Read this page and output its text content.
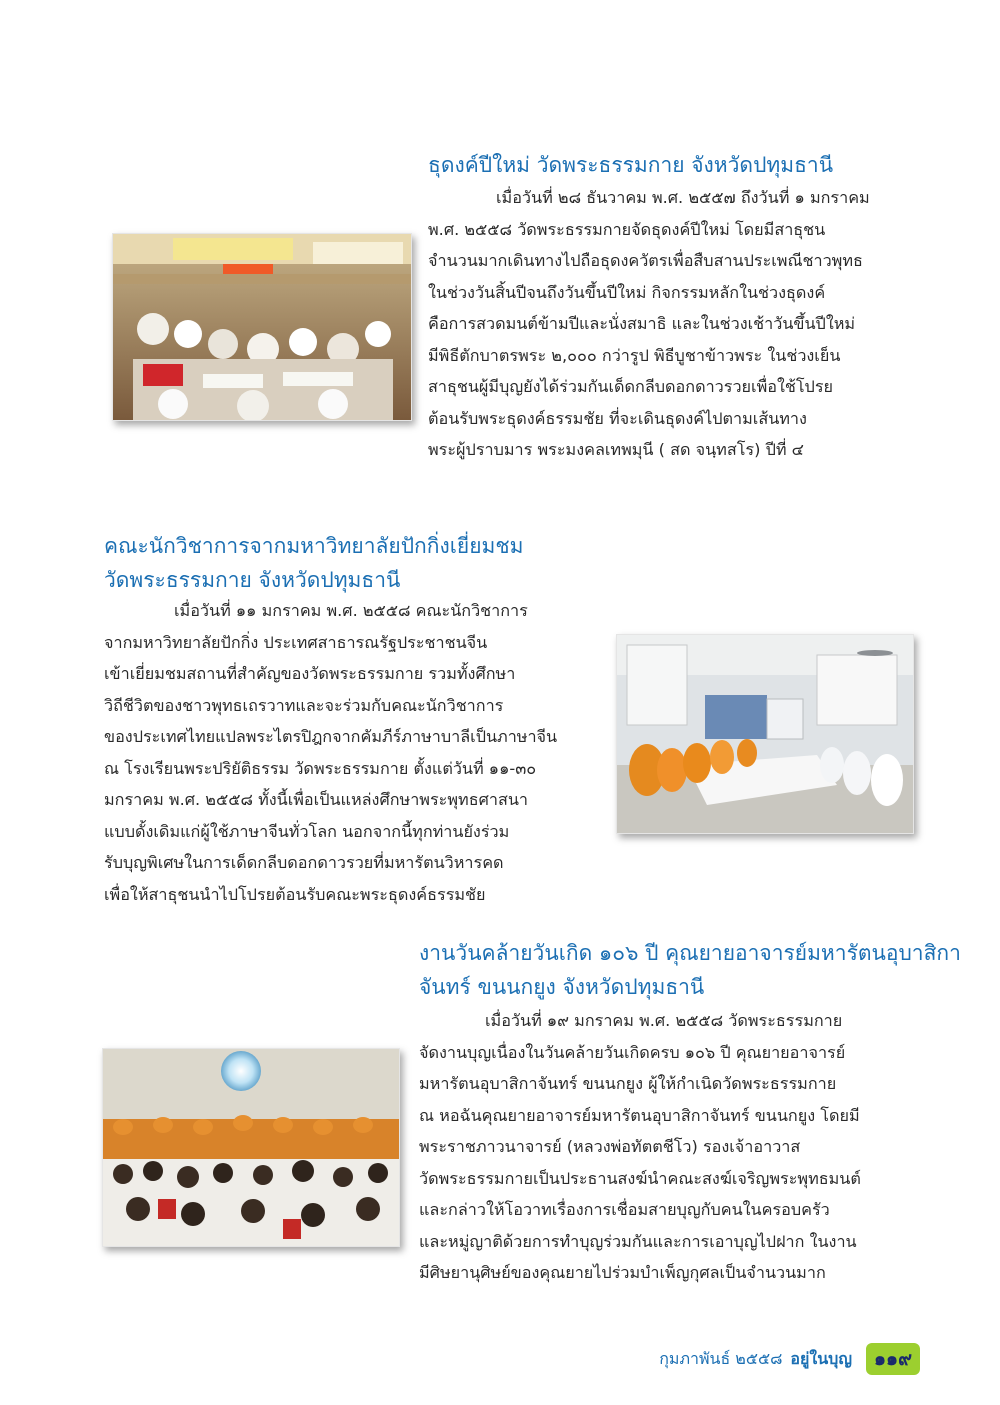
ธุดงค์ปีใหม่ วัดพระธรรมกาย จังหวัดปทุมธานี
เมื่อวันที่ ๒๘ ธันวาคม พ.ศ. ๒๕๕๗ ถึงวันที่ ๑ มกราคม
พ.ศ. ๒๕๕๘ วัดพระธรรมกายจัดธุดงค์ปีใหม่ โดยมีสาธุชน
จำนวนมากเดินทางไปถือธุดงควัตรเพื่อสืบสานประเพณีชาวพุทธ
ในช่วงวันสิ้นปีจนถึงวันขึ้นปีใหม่ กิจกรรมหลักในช่วงธุดงค์
คือการสวดมนต์ข้ามปีและนั่งสมาธิ และในช่วงเช้าวันขึ้นปีใหม่
มีพิธีตักบาตรพระ ๒,๐๐๐ กว่ารูป พิธีบูชาข้าวพระ ในช่วงเย็น
สาธุชนผู้มีบุญยังได้ร่วมกันเด็ดกลีบดอกดาวรวยเพื่อใช้โปรย
ต้อนรับพระธุดงค์ธรรมชัย ที่จะเดินธุดงค์ไปตามเส้นทาง
พระผู้ปราบมาร พระมงคลเทพมุนี ( สด จนฺทสโร) ปีที่ ๔
คณะนักวิชาการจากมหาวิทยาลัยปักกิ่งเยี่ยมชม
วัดพระธรรมกาย จังหวัดปทุมธานี
เมื่อวันที่ ๑๑ มกราคม พ.ศ. ๒๕๕๘ คณะนักวิชาการ
จากมหาวิทยาลัยปักกิ่ง ประเทศสาธารณรัฐประชาชนจีน
เข้าเยี่ยมชมสถานที่สำคัญของวัดพระธรรมกาย รวมทั้งศึกษา
วิถีชีวิตของชาวพุทธเถรวาทและจะร่วมกับคณะนักวิชาการ
ของประเทศไทยแปลพระไตรปิฎกจากคัมภีร์ภาษาบาลีเป็นภาษาจีน
ณ โรงเรียนพระปริยัติธรรม วัดพระธรรมกาย ตั้งแต่วันที่ ๑๑-๓๐
มกราคม พ.ศ. ๒๕๕๘ ทั้งนี้เพื่อเป็นแหล่งศึกษาพระพุทธศาสนา
แบบดั้งเดิมแก่ผู้ใช้ภาษาจีนทั่วโลก นอกจากนี้ทุกท่านยังร่วม
รับบุญพิเศษในการเด็ดกลีบดอกดาวรวยที่มหารัตนวิหารคด
เพื่อให้สาธุชนนำไปโปรยต้อนรับคณะพระธุดงค์ธรรมชัย
งานวันคล้ายวันเกิด ๑๐๖ ปี คุณยายอาจารย์มหารัตนอุบาสิกา
จันทร์ ขนนกยูง จังหวัดปทุมธานี
เมื่อวันที่ ๑๙ มกราคม พ.ศ. ๒๕๕๘ วัดพระธรรมกาย
จัดงานบุญเนื่องในวันคล้ายวันเกิดครบ ๑๐๖ ปี คุณยายอาจารย์
มหารัตนอุบาสิกาจันทร์ ขนนกยูง ผู้ให้กำเนิดวัดพระธรรมกาย
ณ หอฉันคุณยายอาจารย์มหารัตนอุบาสิกาจันทร์ ขนนกยูง โดยมี
พระราชภาวนาจารย์ (หลวงพ่อทัตตชีโว) รองเจ้าอาวาส
วัดพระธรรมกายเป็นประธานสงฆ์นำคณะสงฆ์เจริญพระพุทธมนต์
และกล่าวให้โอวาทเรื่องการเชื่อมสายบุญกับคนในครอบครัว
และหมู่ญาติด้วยการทำบุญร่วมกันและการเอาบุญไปฝาก ในงาน
มีศิษยานุศิษย์ของคุณยายไปร่วมบำเพ็ญกุศลเป็นจำนวนมาก
กุมภาพันธ์ ๒๕๕๘ อยู่ในบุญ	๑๑๙
